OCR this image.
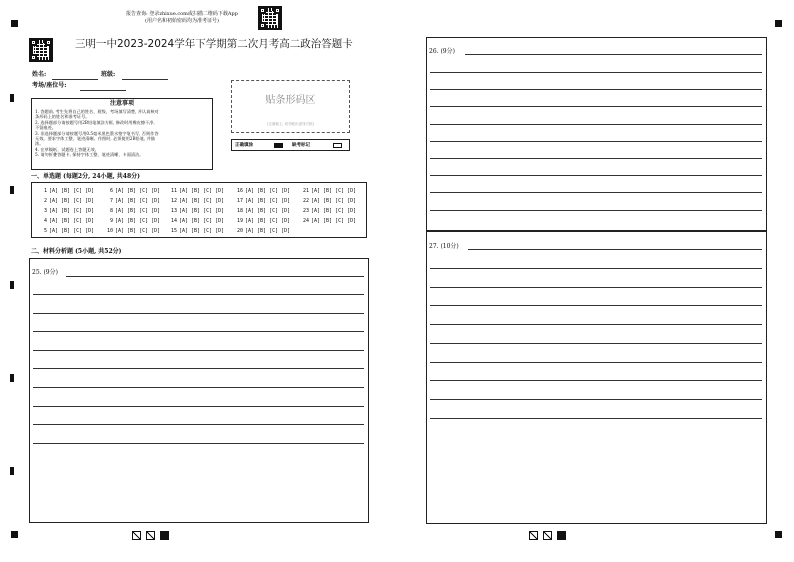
报告查询: 登录zhixue.com或扫描二维码下载App
(用户名和初始密码均为准考证号)
三明一中2023-2024学年下学期第二次月考高二政治答题卡
姓名:	班级:
考场/座位号:
注意事项
1. 答题前, 考生先将自己的姓名、班级、考场填写清楚, 并认真核对条形码上的姓名和准考证号。
2. 选择题部分请按题号用2B铅笔填涂方框, 修改时用橡皮擦干净, 不留痕迹。
3. 非选择题部分请按题号用0.5毫米黑色墨水签字笔书写, 否则作答无效。要求字体工整、笔迹清晰。作图时, 必须使用2B铅笔, 并描浓。
4. 在草稿纸、试题卷上答题无效。
5. 请勿折叠答题卡, 保持字体工整、笔迹清晰、卡面清洁。
贴条形码区
(正面朝上, 切勿贴出虚线方框)
正确填涂	缺考标记
一、单选题 (每题2分, 24小题, 共48分)
1 [A] [B] [C] [D]
2 [A] [B] [C] [D]
3 [A] [B] [C] [D]
4 [A] [B] [C] [D]
5 [A] [B] [C] [D]
6 [A] [B] [C] [D]
7 [A] [B] [C] [D]
8 [A] [B] [C] [D]
9 [A] [B] [C] [D]
10 [A] [B] [C] [D]
11 [A] [B] [C] [D]
12 [A] [B] [C] [D]
13 [A] [B] [C] [D]
14 [A] [B] [C] [D]
15 [A] [B] [C] [D]
16 [A] [B] [C] [D]
17 [A] [B] [C] [D]
18 [A] [B] [C] [D]
19 [A] [B] [C] [D]
20 [A] [B] [C] [D]
21 [A] [B] [C] [D]
22 [A] [B] [C] [D]
23 [A] [B] [C] [D]
24 [A] [B] [C] [D]
二、材料分析题 (5小题, 共52分)
25. (9分)
26. (9分)
27. (10分)
